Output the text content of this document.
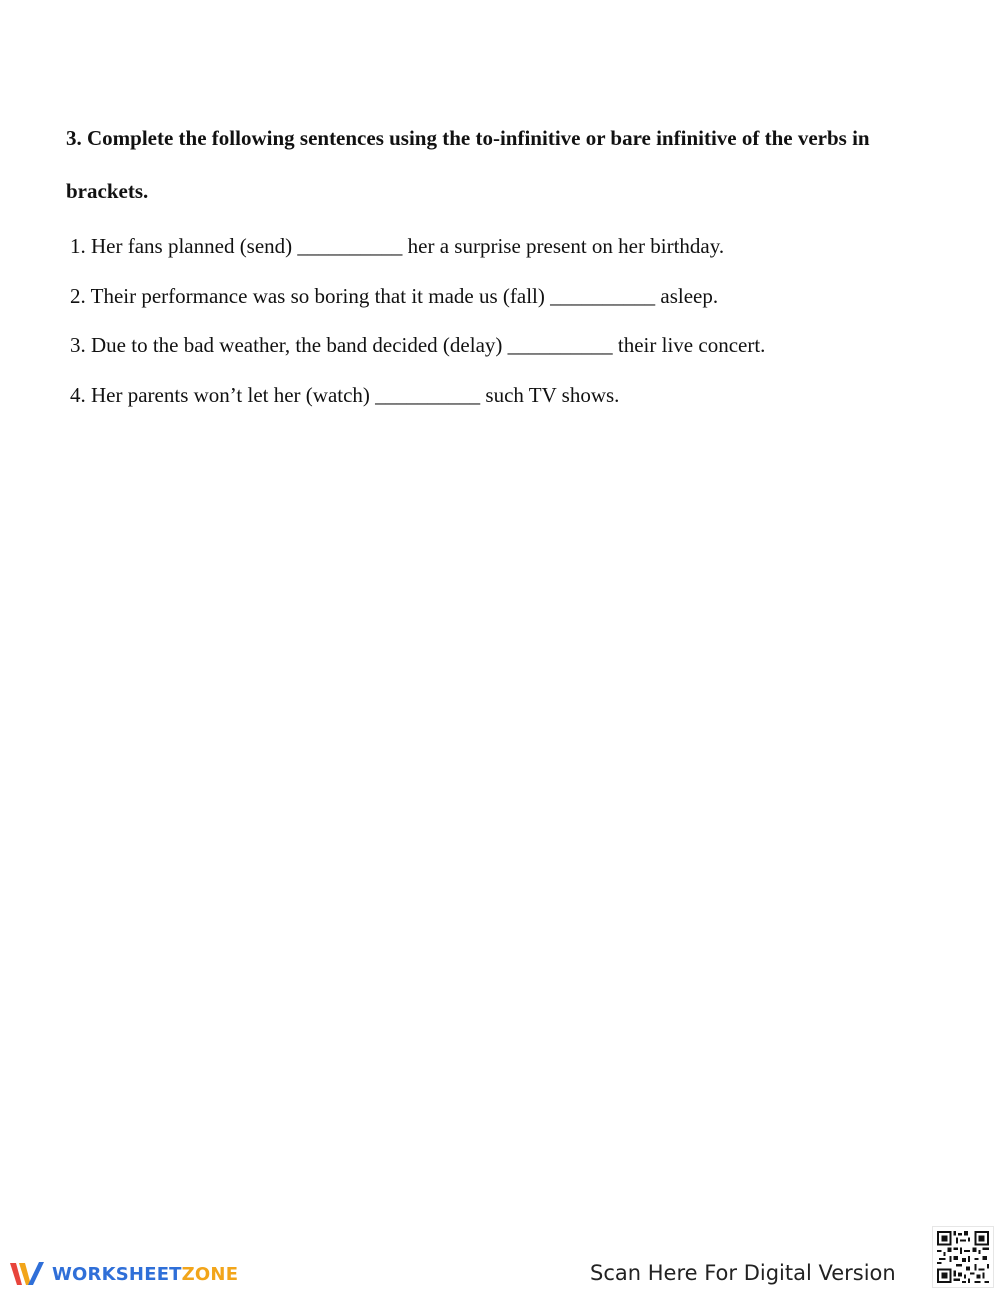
3. Complete the following sentences using the to-infinitive or bare infinitive of the verbs in brackets.

1. Her fans planned (send) __________ her a surprise present on her birthday.
2. Their performance was so boring that it made us (fall) __________ asleep.
3. Due to the bad weather, the band decided (delay) __________ their live concert.
4. Her parents won’t let her (watch) __________ such TV shows.
WORKSHEETZONE	Scan Here For Digital Version
